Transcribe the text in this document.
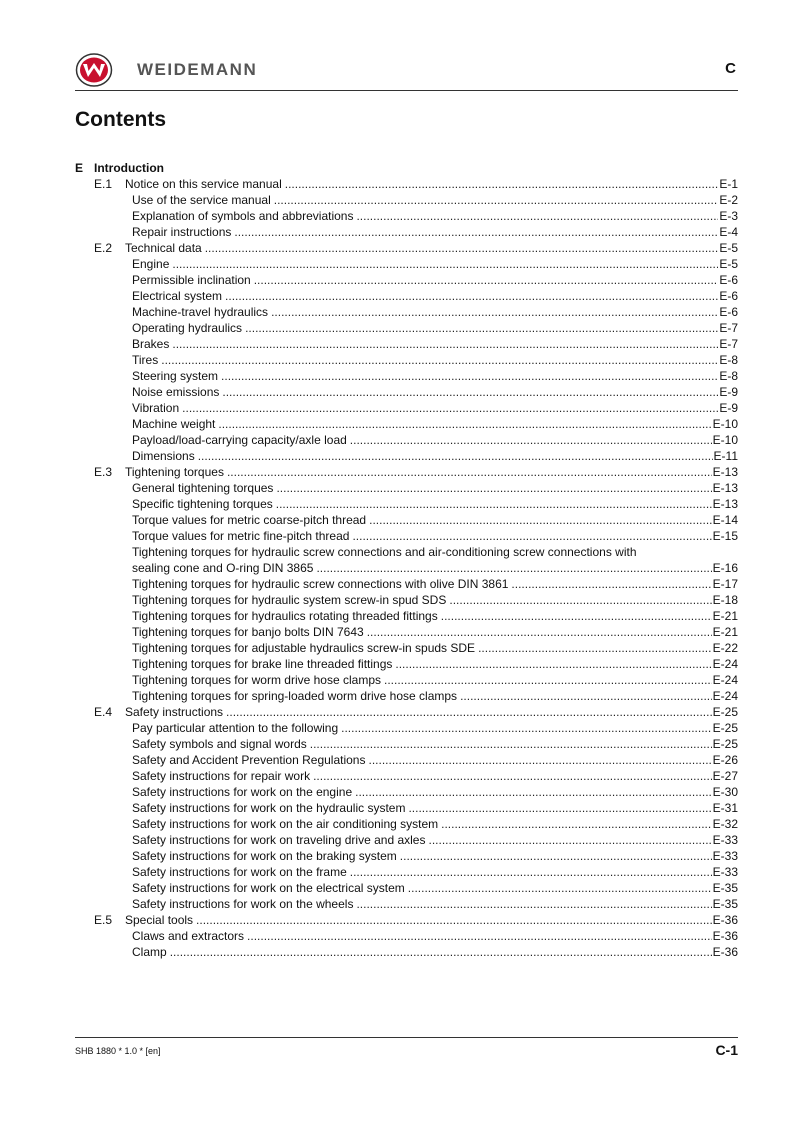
WEIDEMANN	C
Contents
E Introduction
E.1	Notice on this service manual .....	E-1
Use of the service manual .....	E-2
Explanation of symbols and abbreviations .....	E-3
Repair instructions .....	E-4
E.2	Technical data .....	E-5
Engine .....	E-5
Permissible inclination .....	E-6
Electrical system .....	E-6
Machine-travel hydraulics .....	E-6
Operating hydraulics .....	E-7
Brakes .....	E-7
Tires .....	E-8
Steering system .....	E-8
Noise emissions .....	E-9
Vibration .....	E-9
Machine weight .....	E-10
Payload/load-carrying capacity/axle load .....	E-10
Dimensions .....	E-11
E.3	Tightening torques .....	E-13
General tightening torques .....	E-13
Specific tightening torques .....	E-13
Torque values for metric coarse-pitch thread .....	E-14
Torque values for metric fine-pitch thread .....	E-15
Tightening torques for hydraulic screw connections and air-conditioning screw connections with
sealing cone and O-ring DIN 3865 .....	E-16
Tightening torques for hydraulic screw connections with olive DIN 3861 .....	E-17
Tightening torques for hydraulic system screw-in spud SDS .....	E-18
Tightening torques for hydraulics rotating threaded fittings .....	E-21
Tightening torques for banjo bolts DIN 7643 .....	E-21
Tightening torques for adjustable hydraulics screw-in spuds SDE .....	E-22
Tightening torques for brake line threaded fittings .....	E-24
Tightening torques for worm drive hose clamps .....	E-24
Tightening torques for spring-loaded worm drive hose clamps .....	E-24
E.4	Safety instructions .....	E-25
Pay particular attention to the following .....	E-25
Safety symbols and signal words .....	E-25
Safety and Accident Prevention Regulations .....	E-26
Safety instructions for repair work .....	E-27
Safety instructions for work on the engine .....	E-30
Safety instructions for work on the hydraulic system .....	E-31
Safety instructions for work on the air conditioning system .....	E-32
Safety instructions for work on traveling drive and axles .....	E-33
Safety instructions for work on the braking system .....	E-33
Safety instructions for work on the frame .....	E-33
Safety instructions for work on the electrical system .....	E-35
Safety instructions for work on the wheels .....	E-35
E.5	Special tools .....	E-36
Claws and extractors .....	E-36
Clamp .....	E-36
SHB 1880 * 1.0 * [en]	C-1
